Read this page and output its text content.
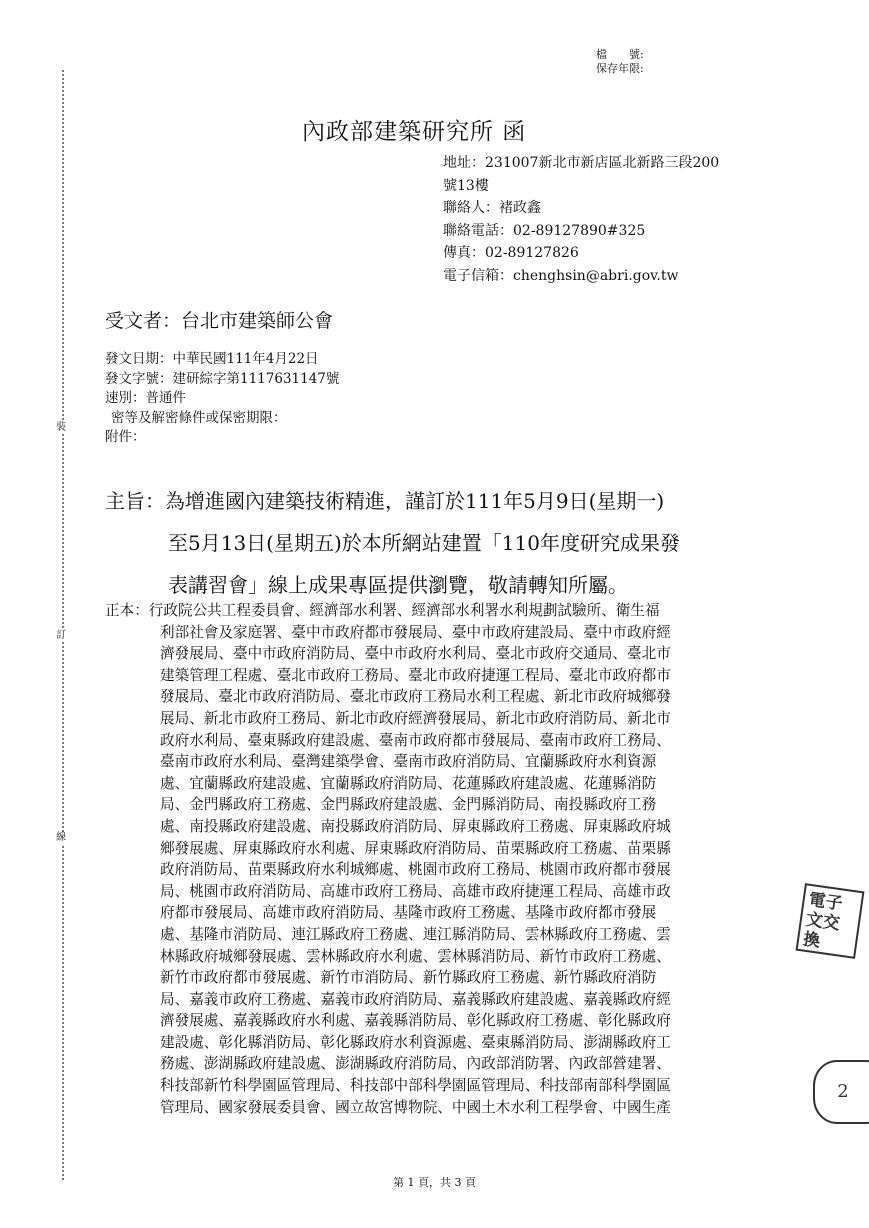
裝
訂
線
檔　　號:
保存年限:
內政部建築研究所 函
地址：231007新北市新店區北新路三段200
號13樓
聯絡人：褚政鑫
聯絡電話：02-89127890#325
傳真：02-89127826
電子信箱：chenghsin@abri.gov.tw
受文者：台北市建築師公會
發文日期：中華民國111年4月22日
發文字號：建研綜字第1117631147號
速別：普通件
密等及解密條件或保密期限：
附件：
主旨：為增進國內建築技術精進，謹訂於111年5月9日(星期一)
至5月13日(星期五)於本所網站建置「110年度研究成果發
表講習會」線上成果專區提供瀏覽，敬請轉知所屬。
正本：行政院公共工程委員會、經濟部水利署、經濟部水利署水利規劃試驗所、衛生福
利部社會及家庭署、臺中市政府都市發展局、臺中市政府建設局、臺中市政府經
濟發展局、臺中市政府消防局、臺中市政府水利局、臺北市政府交通局、臺北市
建築管理工程處、臺北市政府工務局、臺北市政府捷運工程局、臺北市政府都市
發展局、臺北市政府消防局、臺北市政府工務局水利工程處、新北市政府城鄉發
展局、新北市政府工務局、新北市政府經濟發展局、新北市政府消防局、新北市
政府水利局、臺東縣政府建設處、臺南市政府都市發展局、臺南市政府工務局、
臺南市政府水利局、臺灣建築學會、臺南市政府消防局、宜蘭縣政府水利資源
處、宜蘭縣政府建設處、宜蘭縣政府消防局、花蓮縣政府建設處、花蓮縣消防
局、金門縣政府工務處、金門縣政府建設處、金門縣消防局、南投縣政府工務
處、南投縣政府建設處、南投縣政府消防局、屏東縣政府工務處、屏東縣政府城
鄉發展處、屏東縣政府水利處、屏東縣政府消防局、苗栗縣政府工務處、苗栗縣
政府消防局、苗栗縣政府水利城鄉處、桃園市政府工務局、桃園市政府都市發展
局、桃園市政府消防局、高雄市政府工務局、高雄市政府捷運工程局、高雄市政
府都市發展局、高雄市政府消防局、基隆市政府工務處、基隆市政府都市發展
處、基隆市消防局、連江縣政府工務處、連江縣消防局、雲林縣政府工務處、雲
林縣政府城鄉發展處、雲林縣政府水利處、雲林縣消防局、新竹市政府工務處、
新竹市政府都市發展處、新竹市消防局、新竹縣政府工務處、新竹縣政府消防
局、嘉義市政府工務處、嘉義市政府消防局、嘉義縣政府建設處、嘉義縣政府經
濟發展處、嘉義縣政府水利處、嘉義縣消防局、彰化縣政府工務處、彰化縣政府
建設處、彰化縣消防局、彰化縣政府水利資源處、臺東縣消防局、澎湖縣政府工
務處、澎湖縣政府建設處、澎湖縣政府消防局、內政部消防署、內政部營建署、
科技部新竹科學園區管理局、科技部中部科學園區管理局、科技部南部科學園區
管理局、國家發展委員會、國立故宮博物院、中國土木水利工程學會、中國生產
電子文交換
2
第 1 頁，共 3 頁
